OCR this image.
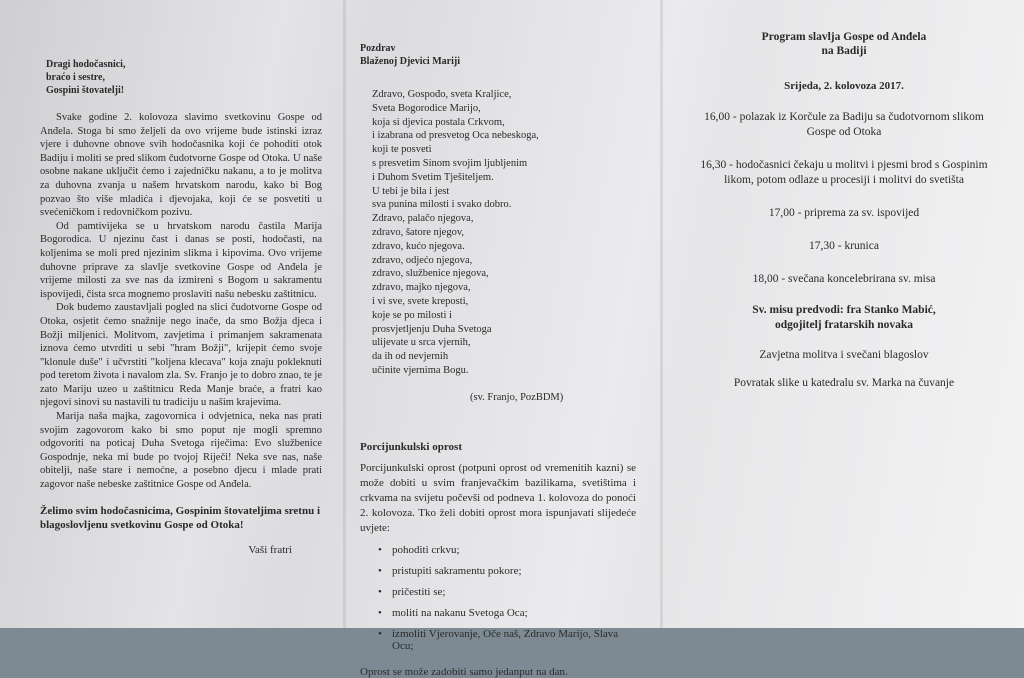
Dragi hodočasnici,
braćo i sestre,
Gospini štovatelji!

Svake godine 2. kolovoza slavimo svetkovinu Gospe od Anđela. Stoga bi smo željeli da ovo vrijeme bude istinski izraz vjere i duhovne obnove svih hodočasnika koji će pohoditi otok Badiju i moliti se pred slikom čudotvorne Gospe od Otoka. U naše osobne nakane uključit ćemo i zajedničku nakanu, a to je molitva za duhovna zvanja u našem hrvatskom narodu, kako bi Bog pozvao što više mladića i djevojaka, koji će se posvetiti u svećeničkom i redovničkom pozivu.

Od pamtivijeka se u hrvatskom narodu častila Marija Bogorodica. U njezinu čast i danas se posti, hodočasti, na koljenima se moli pred njezinim slikma i kipovima. Ovo vrijeme duhovne priprave za slavlje svetkovine Gospe od Anđela je vrijeme milosti za sve nas da izmireni s Bogom u sakramentu ispovijedi, čista srca mognemo proslaviti našu nebesku zaštitnicu.

Dok budemo zaustavljali pogled na slici čudotvorne Gospe od Otoka, osjetit ćemo snažnije nego inače, da smo Božja djeca i Božji miljenici. Molitvom, zavjetima i primanjem sakramenata iznova ćemo utvrditi u sebi "hram Božji", krijepit ćemo svoje "klonule duše" i učvrstiti "koljena klecava" koja znaju pokleknuti pod teretom života i navalom zla. Sv. Franjo je to dobro znao, te je zato Mariju uzeo u zaštitnicu Reda Manje braće, a fratri kao njegovi sinovi su nastavili tu tradiciju u našim krajevima.

Marija naša majka, zagovornica i odvjetnica, neka nas prati svojim zagovorom kako bi smo poput nje mogli spremno odgovoriti na poticaj Duha Svetoga riječima: Evo službenice Gospodnje, neka mi bude po tvojoj Riječi! Neka sve nas, naše obitelji, naše stare i nemoćne, a posebno djecu i mlade prati zagovor naše nebeske zaštitnice Gospe od Anđela.

Želimo svim hodočasnicima, Gospinim štovateljima sretnu i blagoslovljenu svetkovinu Gospe od Otoka!
Vaši fratri
Pozdrav
Blaženoj Djevici Mariji
Zdravo, Gospođo, sveta Kraljice,
Sveta Bogorodice Marijo,
koja si djevica postala Crkvom,
i izabrana od presvetog Oca nebeskoga,
koji te posveti
s presvetim Sinom svojim ljubljenim
i Duhom Svetim Tješiteljem.
U tebi je bila i jest
sva punina milosti i svako dobro.
Zdravo, palačo njegova,
zdravo, šatore njegov,
zdravo, kućo njegova.
zdravo, odjećo njegova,
zdravo, službenice njegova,
zdravo, majko njegova,
i vi sve, svete kreposti,
koje se po milosti i
prosvjetljenju Duha Svetoga
ulijevate u srca vjernih,
da ih od nevjernih
učinite vjernima Bogu.
(sv. Franjo, PozBDM)
Porcijunkulski oprost
Porcijunkulski oprost (potpuni oprost od vremenitih kazni) se može dobiti u svim franjevačkim bazilikama, svetištima i crkvama na svijetu počevši od podneva 1. kolovoza do ponoći 2. kolovoza. Tko želi dobiti oprost mora ispunjavati slijedeće uvjete:
• pohoditi crkvu;
• pristupiti sakramentu pokore;
• pričestiti se;
• moliti na nakanu Svetoga Oca;
• izmoliti Vjerovanje, Oče naš, Zdravo Marijo, Slava Ocu;
Oprost se može zadobiti samo jedanput na dan.
Program slavlja Gospe od Anđela
na Badiji
Srijeda, 2. kolovoza 2017.
16,00 - polazak iz Korčule za Badiju sa čudotvornom slikom Gospe od Otoka
16,30 - hodočasnici čekaju u molitvi i pjesmi brod s Gospinim likom, potom odlaze u procesiji i molitvi do svetišta
17,00 - priprema za sv. ispovijed
17,30 - krunica
18,00 - svečana koncelebrirana sv. misa
Sv. misu predvodi: fra Stanko Mabić,
odgojitelj fratarskih novaka
Zavjetna molitva i svečani blagoslov
Povratak slike u katedralu sv. Marka na čuvanje
